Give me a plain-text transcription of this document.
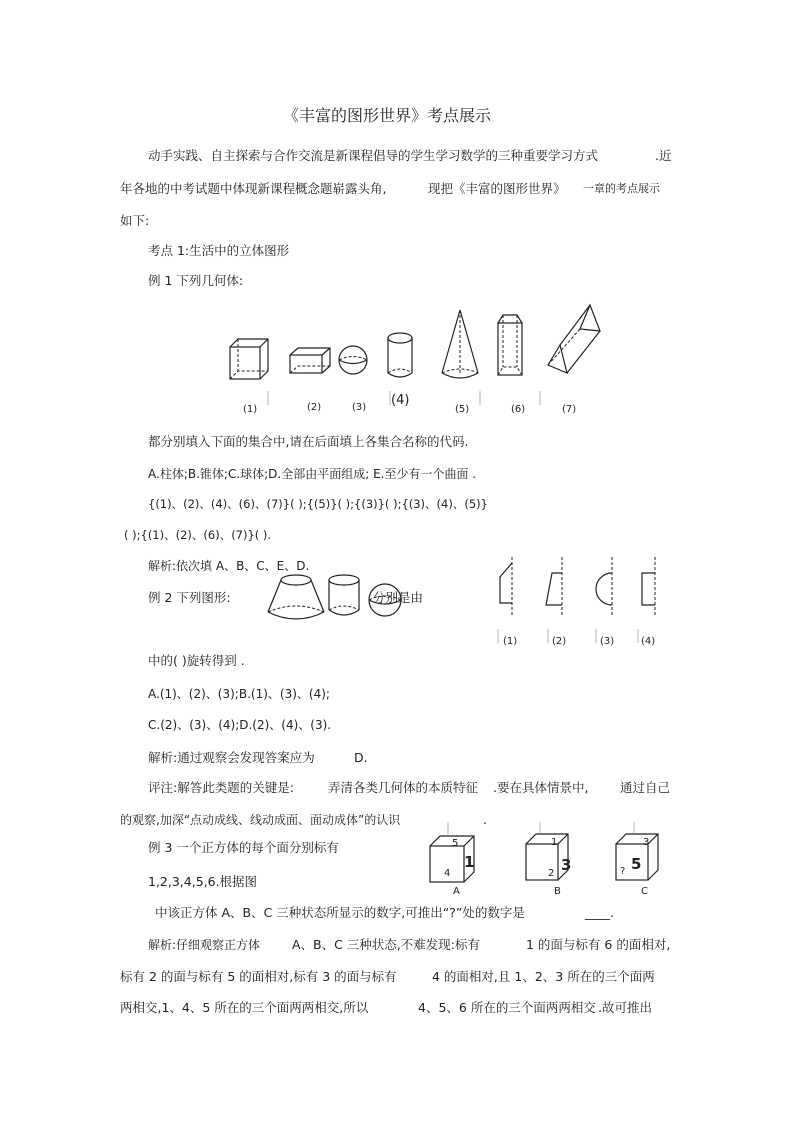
《丰富的图形世界》考点展示
动手实践、自主探索与合作交流是新课程倡导的学生学习数学的三种重要学习方式	.近
年各地的中考试题中体现新课程概念题崭露头角,	现把《丰富的图形世界》 一章的考点展示
如下:
考点 1:生活中的立体图形
例 1 下列几何体:
(1)	(2)	(3) (4)
(5)	(6)	(7)
都分别填入下面的集合中,请在后面填上各集合名称的代码.
A.柱体;B.锥体;C.球体;D.全部由平面组成; E.至少有一个曲面 .
{(1)、(2)、(4)、(6)、(7)}( );{(5)}( );{(3)}( );{(3)、(4)、(5)}
( );{(1)、(2)、(6)、(7)}( ).
解析:依次填 A、B、C、E、D.
例 2 下列图形:	分别是由
(1)	(2)	(3)	(4)
中的( )旋转得到 .
A.(1)、(2)、(3);B.(1)、(3)、(4);
C.(2)、(3)、(4);D.(2)、(4)、(3).
解析:通过观察会发现答案应为	D.
评注:解答此类题的关键是:	弄清各类几何体的本质特征 .要在具体情景中,	通过自己
的观察,加深“点动成线、线动成面、面动成体”的认识	.
例 3 一个正方体的每个面分别标有
1,2,3,4,5,6.根据图
5
4
1
A
1
2 3
B
3
? 5
C
中该正方体 A、B、C 三种状态所显示的数字,可推出“?”处的数字是	____.
解析:仔细观察正方体	A、B、C 三种状态,不难发现:标有	1 的面与标有 6 的面相对,
标有 2 的面与标有 5 的面相对,标有 3 的面与标有	4 的面相对,且 1、2、3 所在的三个面两
两相交,1、4、5 所在的三个面两两相交,所以	4、5、6 所在的三个面两两相交 .故可推出
